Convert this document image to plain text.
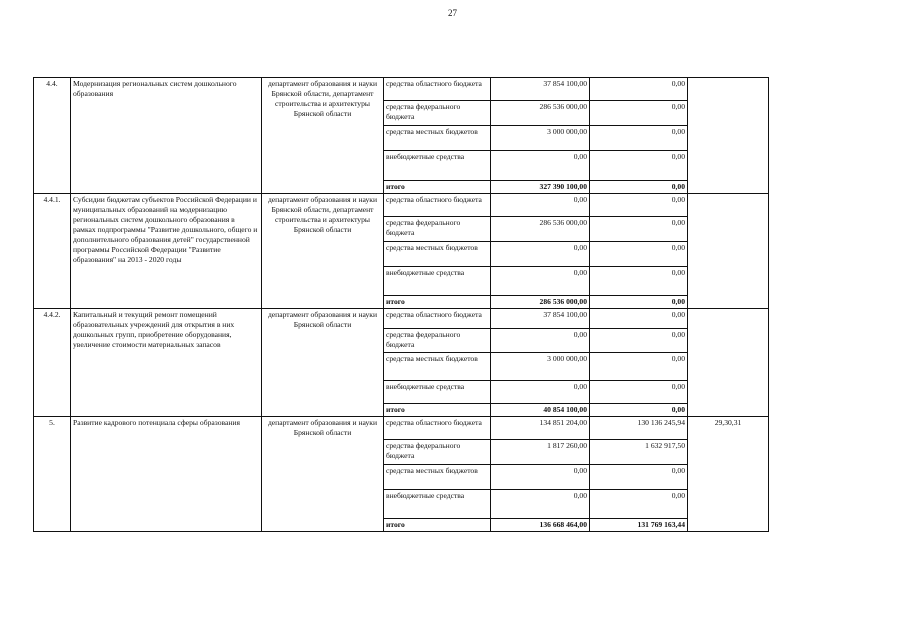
27
4.4.	Модернизация региональных систем дошкольного образования	департамент образования и науки Брянской области, департамент строительства и архитектуры Брянской области	средства областного бюджета	37 854 100,00	0,00	
			средства федерального бюджета	286 536 000,00	0,00	
			средства местных бюджетов	3 000 000,00	0,00	
			внебюджетные средства	0,00	0,00	
			итого	327 390 100,00	0,00	
4.4.1.	Субсидии бюджетам субъектов Российской Федерации и муниципальных образований на модернизацию региональных систем дошкольного образования в рамках подпрограммы "Развитие дошкольного, общего и дополнительного образования детей" государственной программы Российской Федерации "Развитие образования" на 2013 - 2020 годы	департамент образования и науки Брянской области, департамент строительства и архитектуры Брянской области	средства областного бюджета	0,00	0,00	
			средства федерального бюджета	286 536 000,00	0,00	
			средства местных бюджетов	0,00	0,00	
			внебюджетные средства	0,00	0,00	
			итого	286 536 000,00	0,00	
4.4.2.	Капитальный и текущий ремонт помещений образовательных учреждений для открытия в них дошкольных групп, приобретение оборудования, увеличение стоимости материальных запасов	департамент образования и науки Брянской области	средства областного бюджета	37 854 100,00	0,00	
			средства федерального бюджета	0,00	0,00	
			средства местных бюджетов	3 000 000,00	0,00	
			внебюджетные средства	0,00	0,00	
			итого	40 854 100,00	0,00	
5.	Развитие кадрового потенциала сферы образования	департамент образования и науки Брянской области	средства областного бюджета	134 851 204,00	130 136 245,94	29,30,31
			средства федерального бюджета	1 817 260,00	1 632 917,50	
			средства местных бюджетов	0,00	0,00	
			внебюджетные средства	0,00	0,00	
			итого	136 668 464,00	131 769 163,44	
